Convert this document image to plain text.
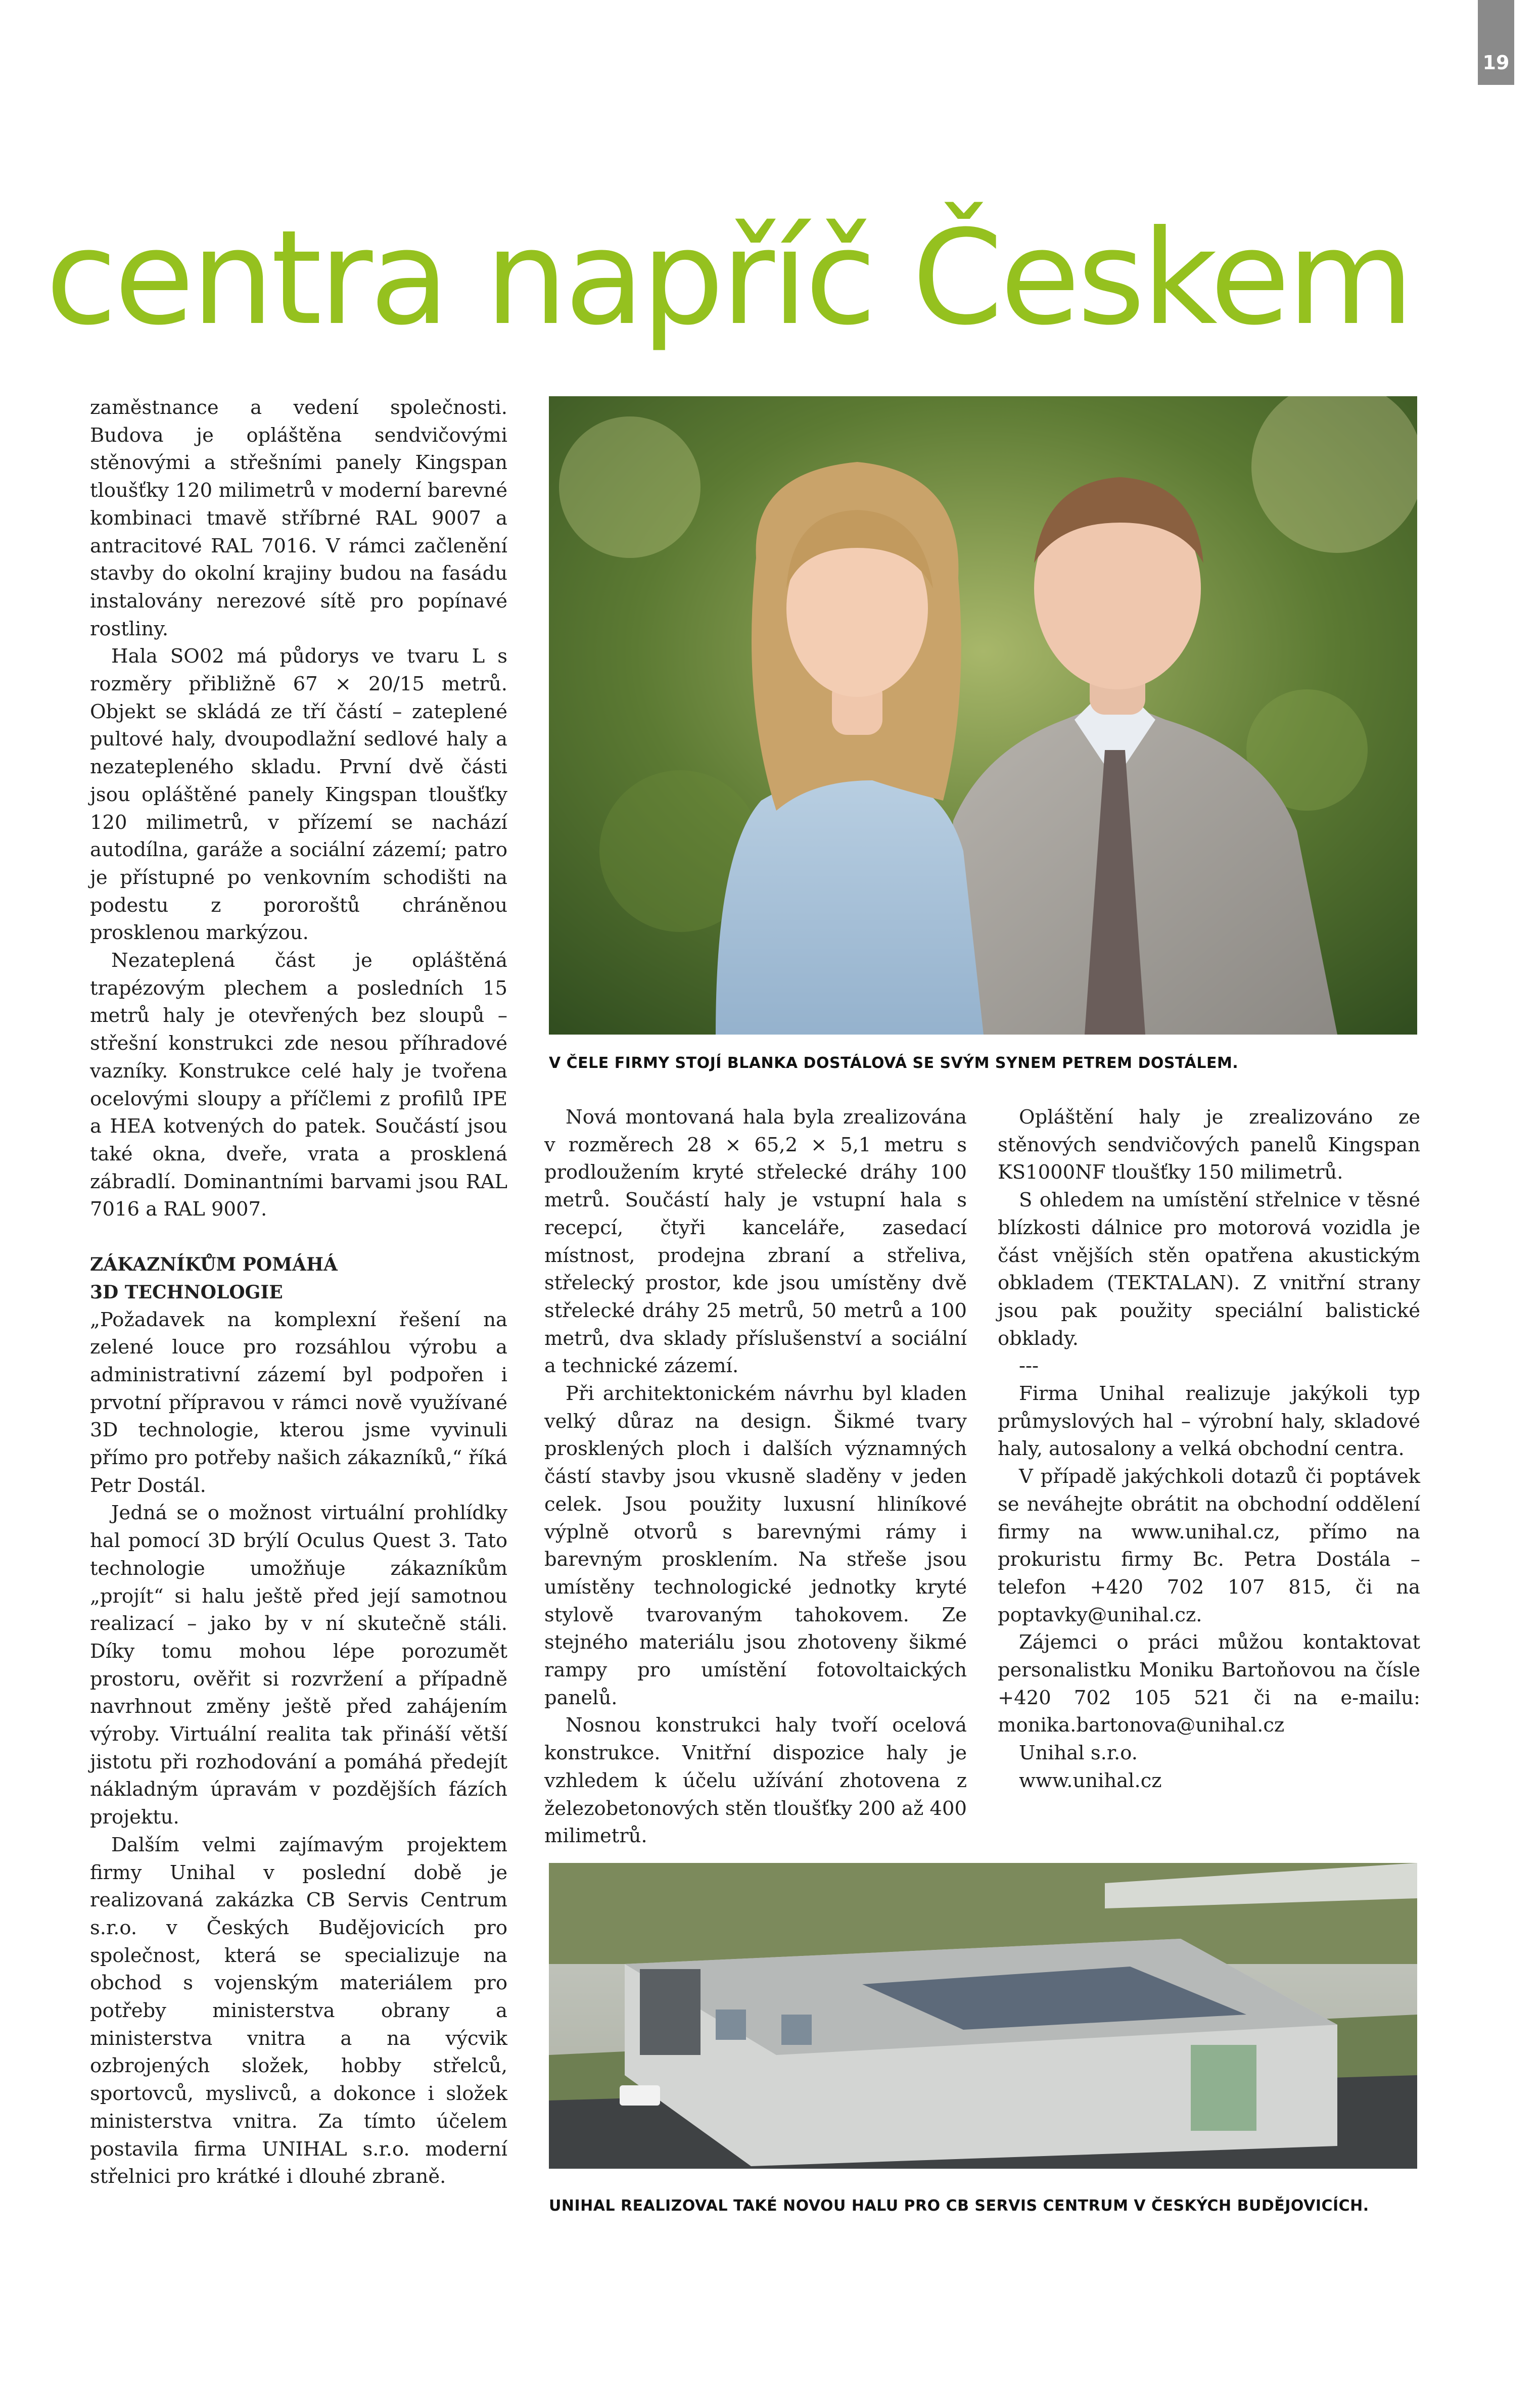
19
centra napříč Českem

zaměstnance a vedení společnosti. Budova je opláštěna sendvičovými stěnovými a střešními panely Kingspan tloušťky 120 milimetrů v moderní barevné kombinaci tmavě stříbrné RAL 9007 a antracitové RAL 7016. V rámci začlenění stavby do okolní krajiny budou na fasádu instalovány nerezové sítě pro popínavé rostliny.

Hala SO02 má půdorys ve tvaru L s rozměry přibližně 67 × 20/15 metrů. Objekt se skládá ze tří částí – zateplené pultové haly, dvoupodlažní sedlové haly a nezatepleného skladu. První dvě části jsou opláštěné panely Kingspan tloušťky 120 milimetrů, v přízemí se nachází autodílna, garáže a sociální zázemí; patro je přístupné po venkovním schodišti na podestu z pororoštů chráněnou prosklenou markýzou.

Nezateplená část je opláštěná trapézovým plechem a posledních 15 metrů haly je otevřených bez sloupů – střešní konstrukci zde nesou příhradové vazníky. Konstrukce celé haly je tvořena ocelovými sloupy a příčlemi z profilů IPE a HEA kotvených do patek. Součástí jsou také okna, dveře, vrata a prosklená zábradlí. Dominantními barvami jsou RAL 7016 a RAL 9007.

ZÁKAZNÍKŮM POMÁHÁ
3D TECHNOLOGIE

„Požadavek na komplexní řešení na zelené louce pro rozsáhlou výrobu a administrativní zázemí byl podpořen i prvotní přípravou v rámci nově využívané 3D technologie, kterou jsme vyvinuli přímo pro potřeby našich zákazníků,“ říká Petr Dostál.

Jedná se o možnost virtuální prohlídky hal pomocí 3D brýlí Oculus Quest 3. Tato technologie umožňuje zákazníkům „projít“ si halu ještě před její samotnou realizací – jako by v ní skutečně stáli. Díky tomu mohou lépe porozumět prostoru, ověřit si rozvržení a případně navrhnout změny ještě před zahájením výroby. Virtuální realita tak přináší větší jistotu při rozhodování a pomáhá předejít nákladným úpravám v pozdějších fázích projektu.

Dalším velmi zajímavým projektem firmy Unihal v poslední době je realizovaná zakázka CB Servis Centrum s.r.o. v Českých Budějovicích pro společnost, která se specializuje na obchod s vojenským materiálem pro potřeby ministerstva obrany a ministerstva vnitra a na výcvik ozbrojených složek, hobby střelců, sportovců, myslivců, a dokonce i složek ministerstva vnitra. Za tímto účelem postavila firma UNIHAL s.r.o. moderní střelnici pro krátké i dlouhé zbraně.

V ČELE FIRMY STOJÍ BLANKA DOSTÁLOVÁ SE SVÝM SYNEM PETREM DOSTÁLEM.

Nová montovaná hala byla zrealizována v rozměrech 28 × 65,2 × 5,1 metru s prodloužením kryté střelecké dráhy 100 metrů. Součástí haly je vstupní hala s recepcí, čtyři kanceláře, zasedací místnost, prodejna zbraní a střeliva, střelecký prostor, kde jsou umístěny dvě střelecké dráhy 25 metrů, 50 metrů a 100 metrů, dva sklady příslušenství a sociální a technické zázemí.

Při architektonickém návrhu byl kladen velký důraz na design. Šikmé tvary prosklených ploch i dalších významných částí stavby jsou vkusně sladěny v jeden celek. Jsou použity luxusní hliníkové výplně otvorů s barevnými rámy i barevným prosklením. Na střeše jsou umístěny technologické jednotky kryté stylově tvarovaným tahokovem. Ze stejného materiálu jsou zhotoveny šikmé rampy pro umístění fotovoltaických panelů.

Nosnou konstrukci haly tvoří ocelová konstrukce. Vnitřní dispozice haly je vzhledem k účelu užívání zhotovena z železobetonových stěn tloušťky 200 až 400 milimetrů.

Opláštění haly je zrealizováno ze stěnových sendvičových panelů Kingspan KS1000NF tloušťky 150 milimetrů.

S ohledem na umístění střelnice v těsné blízkosti dálnice pro motorová vozidla je část vnějších stěn opatřena akustickým obkladem (TEKTALAN). Z vnitřní strany jsou pak použity speciální balistické obklady.

---

Firma Unihal realizuje jakýkoli typ průmyslových hal – výrobní haly, skladové haly, autosalony a velká obchodní centra.

V případě jakýchkoli dotazů či poptávek se neváhejte obrátit na obchodní oddělení firmy na www.unihal.cz, přímo na prokuristu firmy Bc. Petra Dostála – telefon +420 702 107 815, či na poptavky@unihal.cz.

Zájemci o práci můžou kontaktovat personalistku Moniku Bartoňovou na čísle +420 702 105 521 či na e-mailu: monika.bartonova@unihal.cz

Unihal s.r.o.

www.unihal.cz

UNIHAL REALIZOVAL TAKÉ NOVOU HALU PRO CB SERVIS CENTRUM V ČESKÝCH BUDĚJOVICÍCH.
